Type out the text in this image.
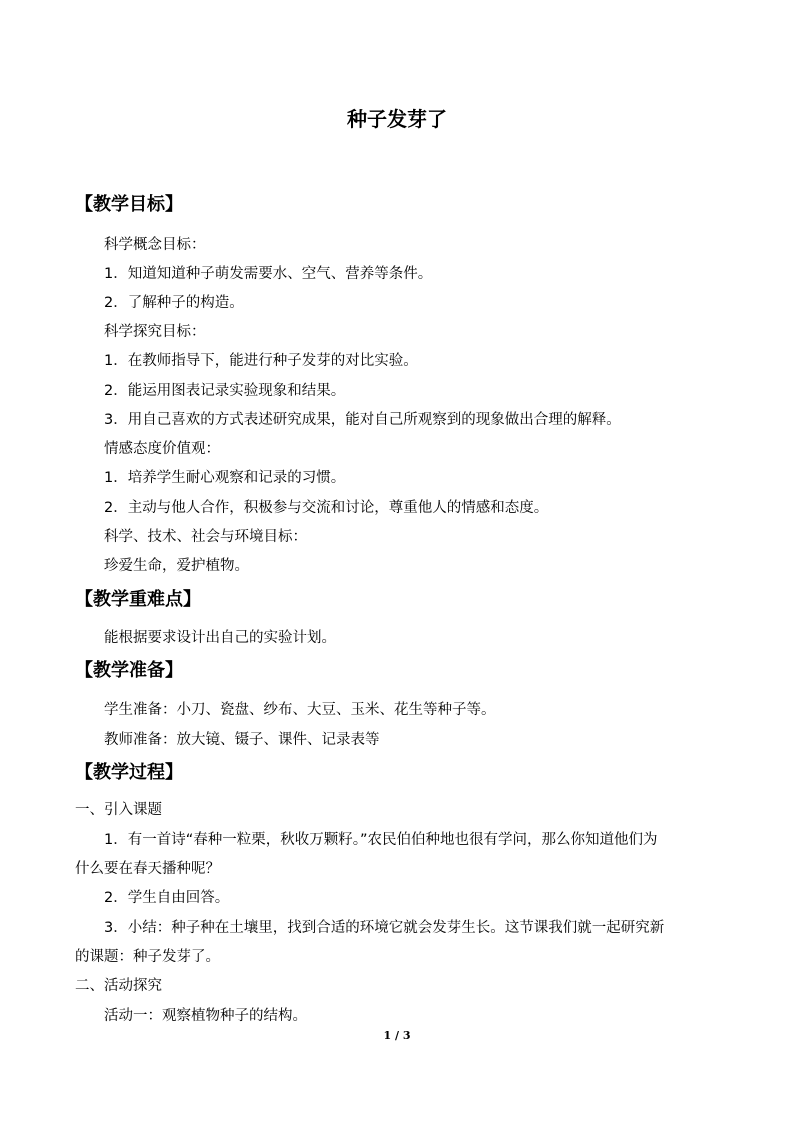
种子发芽了
【教学目标】
科学概念目标：
1．知道知道种子萌发需要水、空气、营养等条件。
2．了解种子的构造。
科学探究目标：
1．在教师指导下，能进行种子发芽的对比实验。
2．能运用图表记录实验现象和结果。
3．用自己喜欢的方式表述研究成果，能对自己所观察到的现象做出合理的解释。
情感态度价值观：
1．培养学生耐心观察和记录的习惯。
2．主动与他人合作，积极参与交流和讨论，尊重他人的情感和态度。
科学、技术、社会与环境目标：
珍爱生命，爱护植物。
【教学重难点】
能根据要求设计出自己的实验计划。
【教学准备】
学生准备：小刀、瓷盘、纱布、大豆、玉米、花生等种子等。
教师准备：放大镜、镊子、课件、记录表等
【教学过程】
一、引入课题
1．有一首诗“春种一粒栗，秋收万颗籽。”农民伯伯种地也很有学问，那么你知道他们为
什么要在春天播种呢？
2．学生自由回答。
3．小结：种子种在土壤里，找到合适的环境它就会发芽生长。这节课我们就一起研究新
的课题：种子发芽了。
二、活动探究
活动一：观察植物种子的结构。
1 / 3
